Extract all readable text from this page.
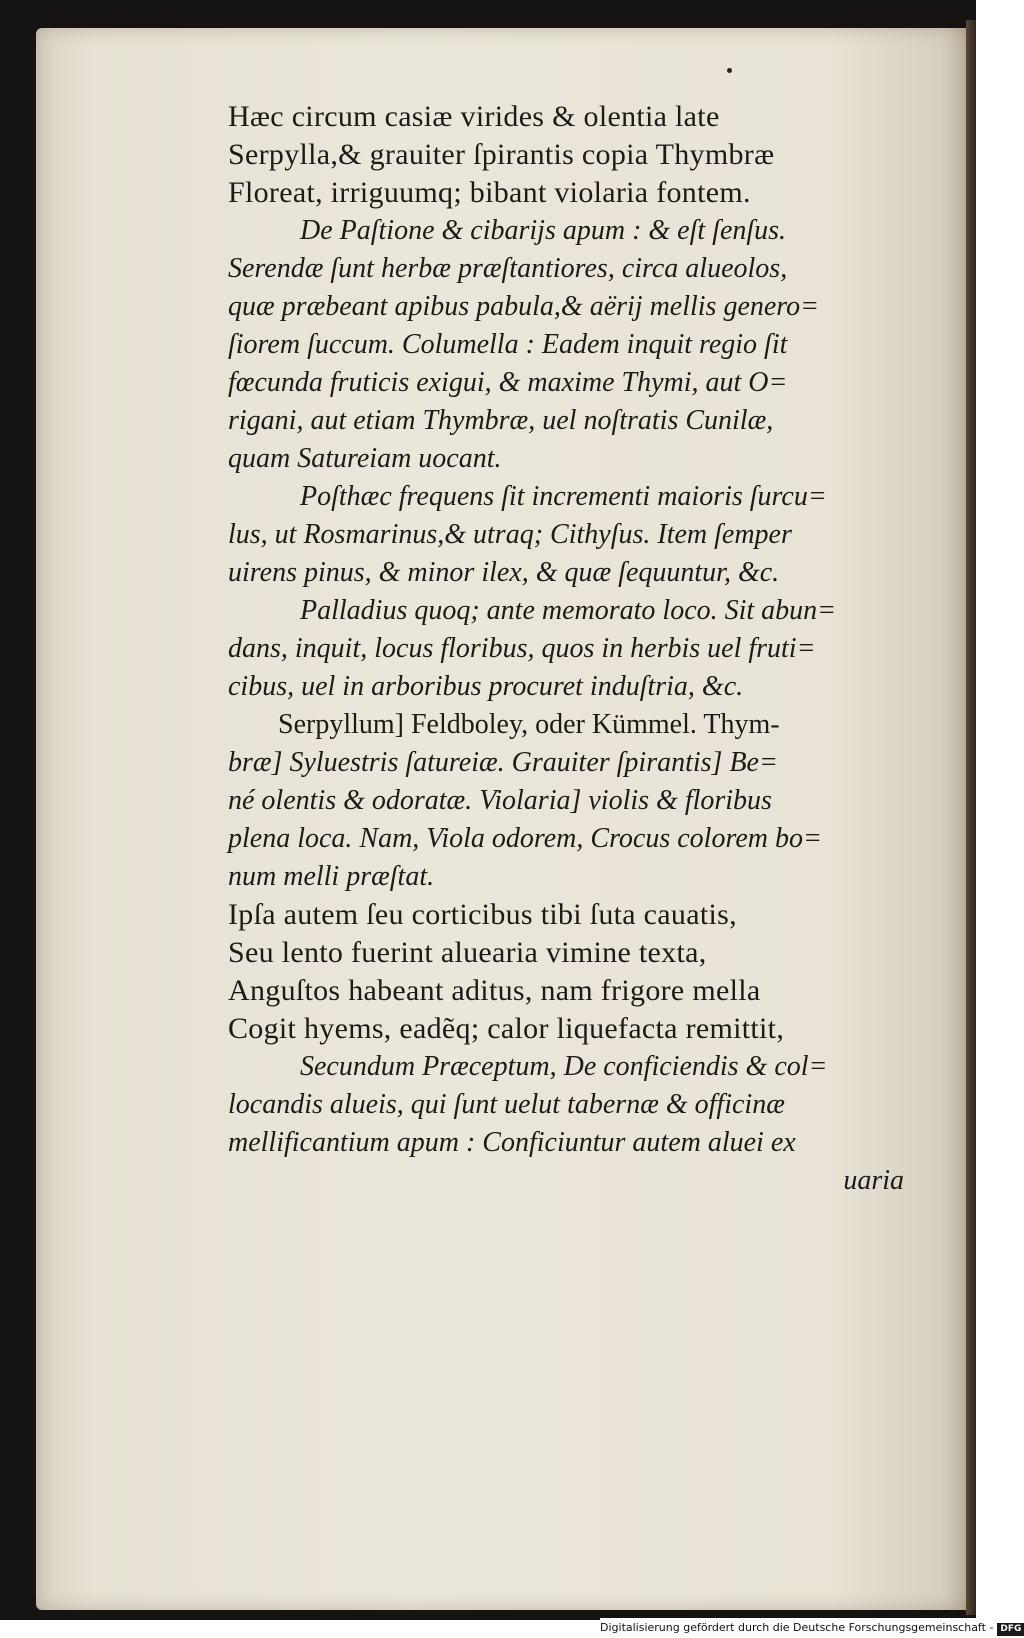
Hæc circum casiæ virides & olentia late
Serpylla,& grauiter ſpirantis copia Thymbræ
Floreat, irriguumq; bibant violaria fontem.
De Paſtione & cibarijs apum : & eſt ſenſus.
Serendæ ſunt herbæ præſtantiores, circa alueolos,
quæ præbeant apibus pabula,& aërij mellis genero=
ſiorem ſuccum. Columella : Eadem inquit regio ſit
fœcunda fruticis exigui, & maxime Thymi, aut O=
rigani, aut etiam Thymbræ, uel noſtratis Cunilæ,
quam Satureiam uocant.
Poſthæc frequens ſit incrementi maioris ſurcu=
lus, ut Rosmarinus,& utraq; Cithyſus. Item ſemper
uirens pinus, & minor ilex, & quæ ſequuntur, &c.
Palladius quoq; ante memorato loco. Sit abun=
dans, inquit, locus floribus, quos in herbis uel fruti=
cibus, uel in arboribus procuret induſtria, &c.
Serpyllum] Feldboley, oder Kümmel. Thym-
bræ] Syluestris ſatureiæ. Grauiter ſpirantis] Be=
né olentis & odoratæ. Violaria] violis & floribus
plena loca. Nam, Viola odorem, Crocus colorem bo=
num melli præſtat.
Ipſa autem ſeu corticibus tibi ſuta cauatis,
Seu lento fuerint aluearia vimine texta,
Anguſtos habeant aditus, nam frigore mella
Cogit hyems, eadẽq; calor liquefacta remittit,
Secundum Præceptum, De conficiendis & col=
locandis alueis, qui ſunt uelut tabernæ & officinæ
mellificantium apum : Conficiuntur autem aluei ex
uaria
Digitalisierung gefördert durch die Deutsche Forschungsgemeinschaft - DFG
